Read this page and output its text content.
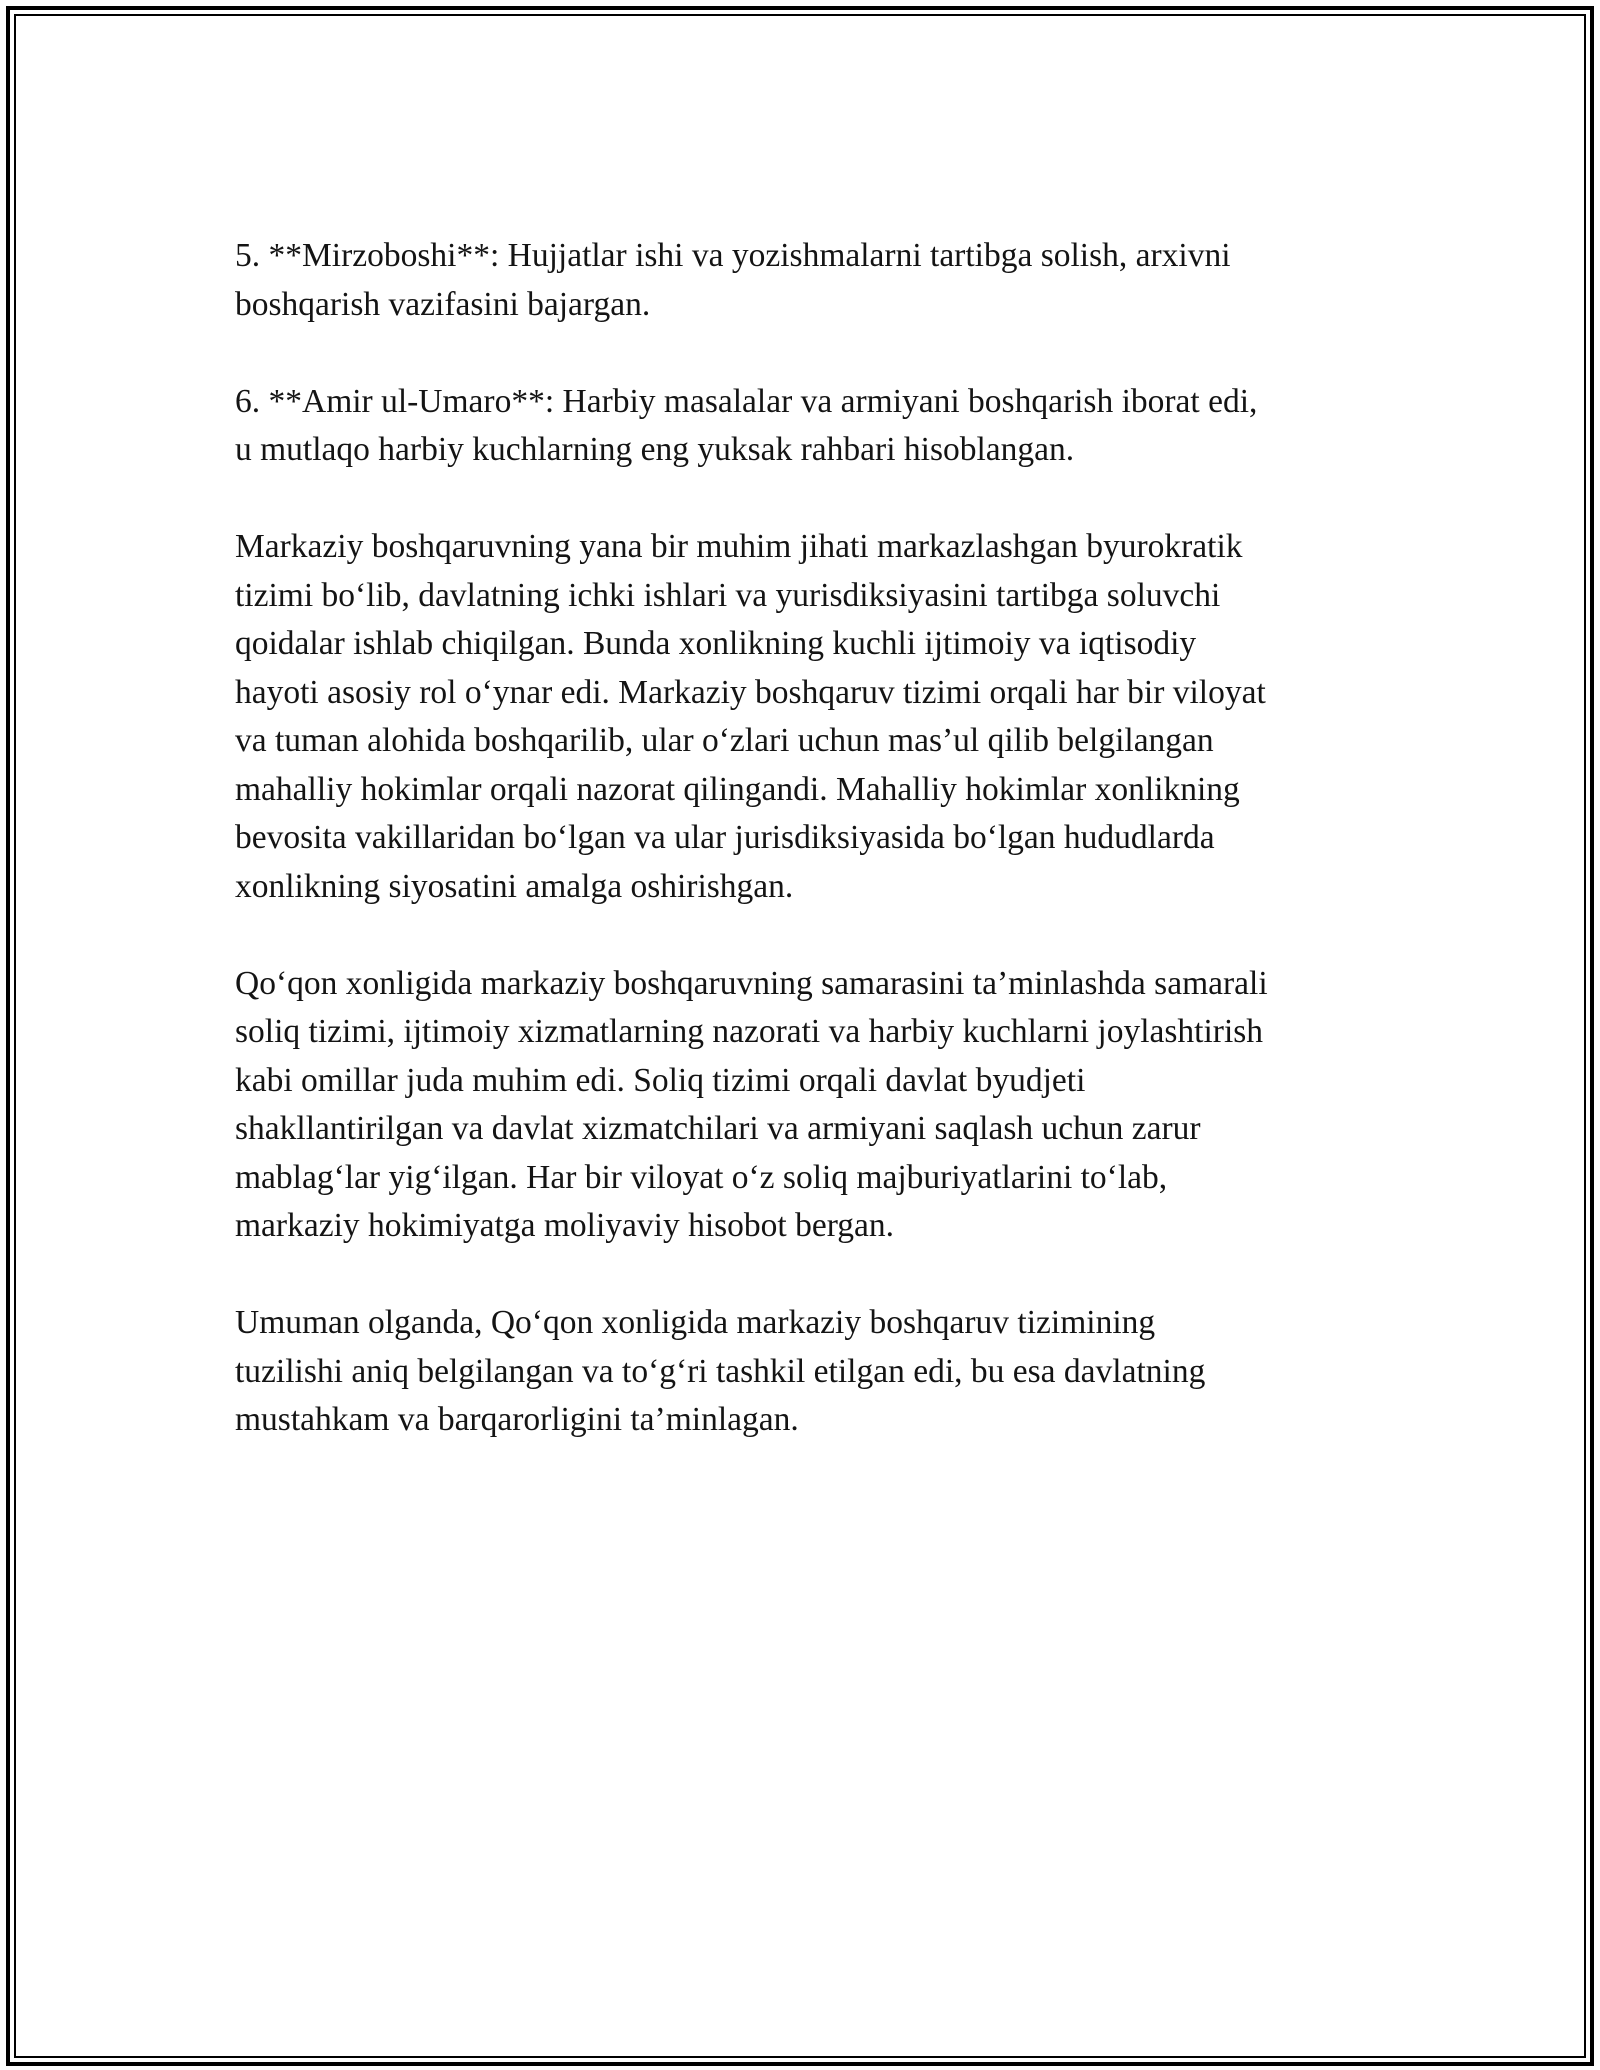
5. **Mirzoboshi**: Hujjatlar ishi va yozishmalarni tartibga solish, arxivni
boshqarish vazifasini bajargan.

6. **Amir ul-Umaro**: Harbiy masalalar va armiyani boshqarish iborat edi,
u mutlaqo harbiy kuchlarning eng yuksak rahbari hisoblangan.

Markaziy boshqaruvning yana bir muhim jihati markazlashgan byurokratik
tizimi bo‘lib, davlatning ichki ishlari va yurisdiksiyasini tartibga soluvchi
qoidalar ishlab chiqilgan. Bunda xonlikning kuchli ijtimoiy va iqtisodiy
hayoti asosiy rol o‘ynar edi. Markaziy boshqaruv tizimi orqali har bir viloyat
va tuman alohida boshqarilib, ular o‘zlari uchun mas’ul qilib belgilangan
mahalliy hokimlar orqali nazorat qilingandi. Mahalliy hokimlar xonlikning
bevosita vakillaridan bo‘lgan va ular jurisdiksiyasida bo‘lgan hududlarda
xonlikning siyosatini amalga oshirishgan.

Qo‘qon xonligida markaziy boshqaruvning samarasini ta’minlashda samarali
soliq tizimi, ijtimoiy xizmatlarning nazorati va harbiy kuchlarni joylashtirish
kabi omillar juda muhim edi. Soliq tizimi orqali davlat byudjeti
shakllantirilgan va davlat xizmatchilari va armiyani saqlash uchun zarur
mablag‘lar yig‘ilgan. Har bir viloyat o‘z soliq majburiyatlarini to‘lab,
markaziy hokimiyatga moliyaviy hisobot bergan.

Umuman olganda, Qo‘qon xonligida markaziy boshqaruv tizimining
tuzilishi aniq belgilangan va to‘g‘ri tashkil etilgan edi, bu esa davlatning
mustahkam va barqarorligini ta’minlagan.
